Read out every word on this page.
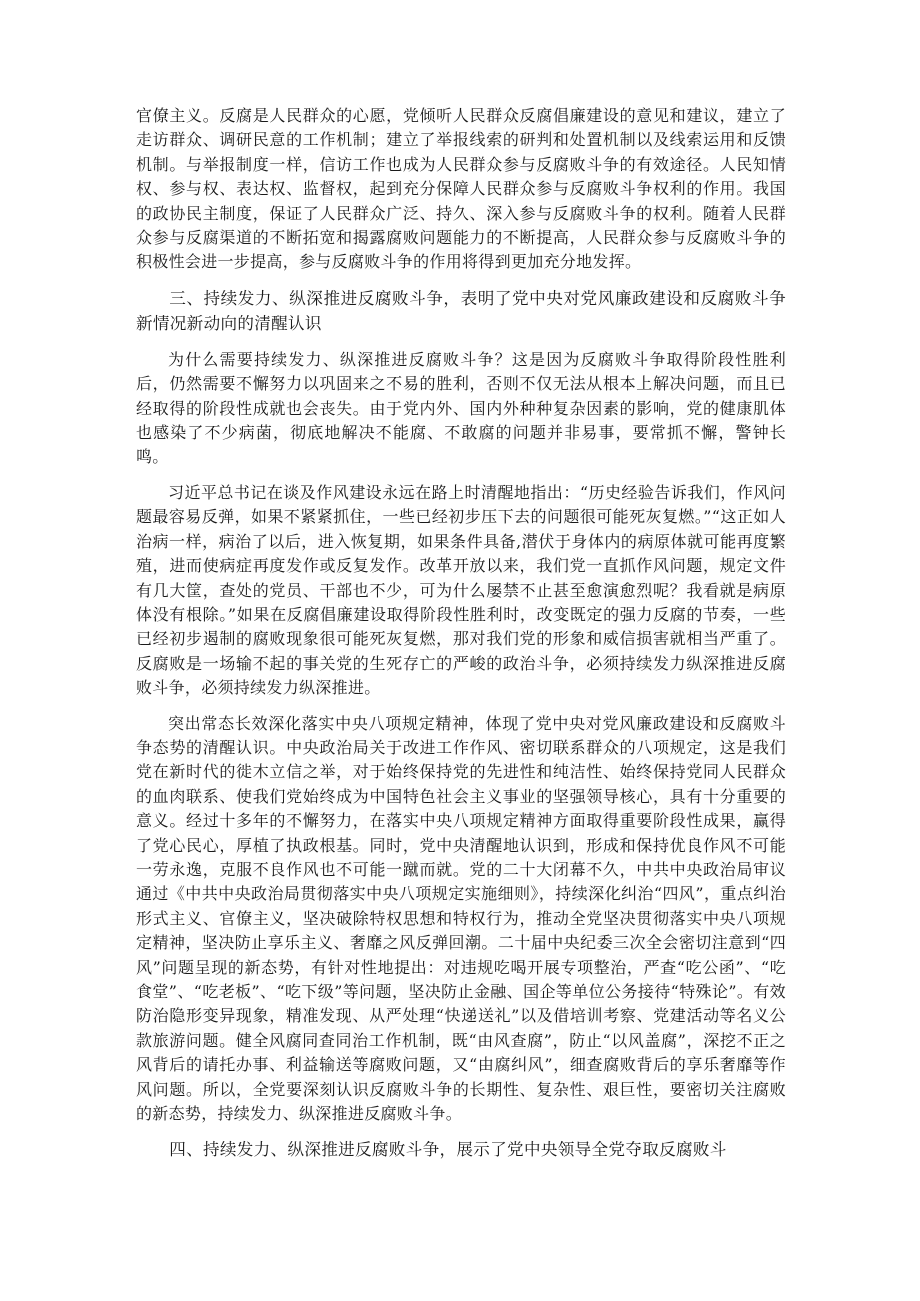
官僚主义。反腐是人民群众的心愿，党倾听人民群众反腐倡廉建设的意见和建议，建立了走访群众、调研民意的工作机制；建立了举报线索的研判和处置机制以及线索运用和反馈机制。与举报制度一样，信访工作也成为人民群众参与反腐败斗争的有效途径。人民知情权、参与权、表达权、监督权，起到充分保障人民群众参与反腐败斗争权利的作用。我国的政协民主制度，保证了人民群众广泛、持久、深入参与反腐败斗争的权利。随着人民群众参与反腐渠道的不断拓宽和揭露腐败问题能力的不断提高，人民群众参与反腐败斗争的积极性会进一步提高，参与反腐败斗争的作用将得到更加充分地发挥。

三、持续发力、纵深推进反腐败斗争，表明了党中央对党风廉政建设和反腐败斗争新情况新动向的清醒认识

为什么需要持续发力、纵深推进反腐败斗争？这是因为反腐败斗争取得阶段性胜利后，仍然需要不懈努力以巩固来之不易的胜利，否则不仅无法从根本上解决问题，而且已经取得的阶段性成就也会丧失。由于党内外、国内外种种复杂因素的影响，党的健康肌体也感染了不少病菌，彻底地解决不能腐、不敢腐的问题并非易事，要常抓不懈，警钟长鸣。

习近平总书记在谈及作风建设永远在路上时清醒地指出：“历史经验告诉我们，作风问题最容易反弹，如果不紧紧抓住，一些已经初步压下去的问题很可能死灰复燃。”“这正如人治病一样，病治了以后，进入恢复期，如果条件具备,潜伏于身体内的病原体就可能再度繁殖，进而使病症再度发作或反复发作。改革开放以来，我们党一直抓作风问题，规定文件有几大筐，查处的党员、干部也不少，可为什么屡禁不止甚至愈演愈烈呢？我看就是病原体没有根除。”如果在反腐倡廉建设取得阶段性胜利时，改变既定的强力反腐的节奏，一些已经初步遏制的腐败现象很可能死灰复燃，那对我们党的形象和威信损害就相当严重了。反腐败是一场输不起的事关党的生死存亡的严峻的政治斗争，必须持续发力纵深推进反腐败斗争，必须持续发力纵深推进。

突出常态长效深化落实中央八项规定精神，体现了党中央对党风廉政建设和反腐败斗争态势的清醒认识。中央政治局关于改进工作作风、密切联系群众的八项规定，这是我们党在新时代的徙木立信之举，对于始终保持党的先进性和纯洁性、始终保持党同人民群众的血肉联系、使我们党始终成为中国特色社会主义事业的坚强领导核心，具有十分重要的意义。经过十多年的不懈努力，在落实中央八项规定精神方面取得重要阶段性成果，赢得了党心民心，厚植了执政根基。同时，党中央清醒地认识到，形成和保持优良作风不可能一劳永逸，克服不良作风也不可能一蹴而就。党的二十大闭幕不久，中共中央政治局审议通过《中共中央政治局贯彻落实中央八项规定实施细则》，持续深化纠治“四风”，重点纠治形式主义、官僚主义，坚决破除特权思想和特权行为，推动全党坚决贯彻落实中央八项规定精神，坚决防止享乐主义、奢靡之风反弹回潮。二十届中央纪委三次全会密切注意到“四风”问题呈现的新态势，有针对性地提出：对违规吃喝开展专项整治，严查“吃公函”、“吃食堂”、“吃老板”、“吃下级”等问题，坚决防止金融、国企等单位公务接待“特殊论”。有效防治隐形变异现象，精准发现、从严处理“快递送礼”以及借培训考察、党建活动等名义公款旅游问题。健全风腐同查同治工作机制，既“由风查腐”，防止“以风盖腐”，深挖不正之风背后的请托办事、利益输送等腐败问题，又“由腐纠风”，细查腐败背后的享乐奢靡等作风问题。所以，全党要深刻认识反腐败斗争的长期性、复杂性、艰巨性，要密切关注腐败的新态势，持续发力、纵深推进反腐败斗争。

四、持续发力、纵深推进反腐败斗争，展示了党中央领导全党夺取反腐败斗
